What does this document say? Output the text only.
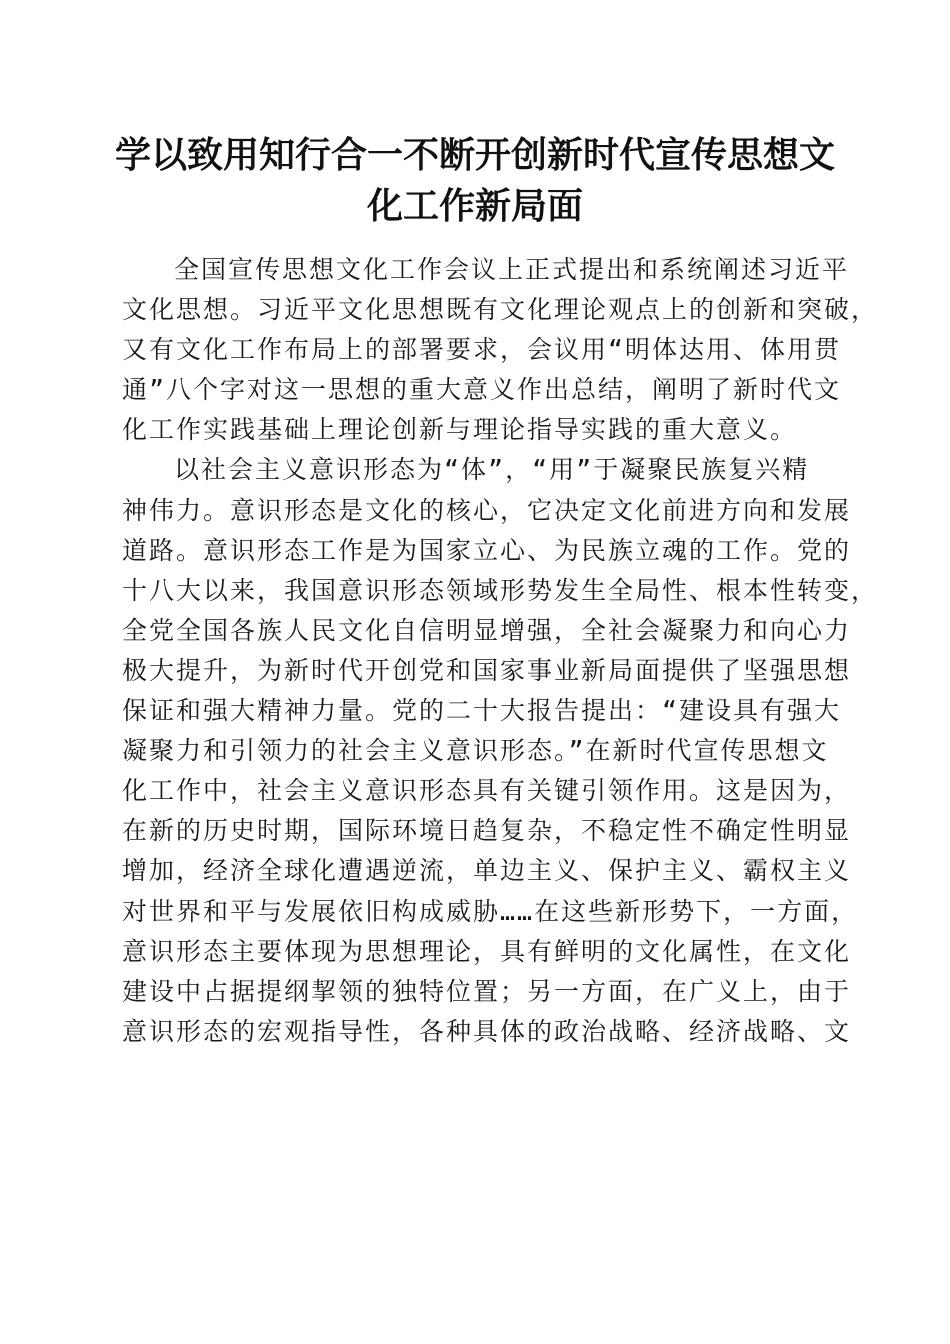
学以致用知行合一不断开创新时代宣传思想文
化工作新局面
全国宣传思想文化工作会议上正式提出和系统阐述习近平
文化思想。习近平文化思想既有文化理论观点上的创新和突破，
又有文化工作布局上的部署要求，会议用“明体达用、体用贯
通”八个字对这一思想的重大意义作出总结，阐明了新时代文
化工作实践基础上理论创新与理论指导实践的重大意义。
以社会主义意识形态为“体”，“用”于凝聚民族复兴精
神伟力。意识形态是文化的核心，它决定文化前进方向和发展
道路。意识形态工作是为国家立心、为民族立魂的工作。党的
十八大以来，我国意识形态领域形势发生全局性、根本性转变，
全党全国各族人民文化自信明显增强，全社会凝聚力和向心力
极大提升，为新时代开创党和国家事业新局面提供了坚强思想
保证和强大精神力量。党的二十大报告提出：“建设具有强大
凝聚力和引领力的社会主义意识形态。”在新时代宣传思想文
化工作中，社会主义意识形态具有关键引领作用。这是因为，
在新的历史时期，国际环境日趋复杂，不稳定性不确定性明显
增加，经济全球化遭遇逆流，单边主义、保护主义、霸权主义
对世界和平与发展依旧构成威胁……在这些新形势下，一方面，
意识形态主要体现为思想理论，具有鲜明的文化属性，在文化
建设中占据提纲挈领的独特位置；另一方面，在广义上，由于
意识形态的宏观指导性，各种具体的政治战略、经济战略、文
